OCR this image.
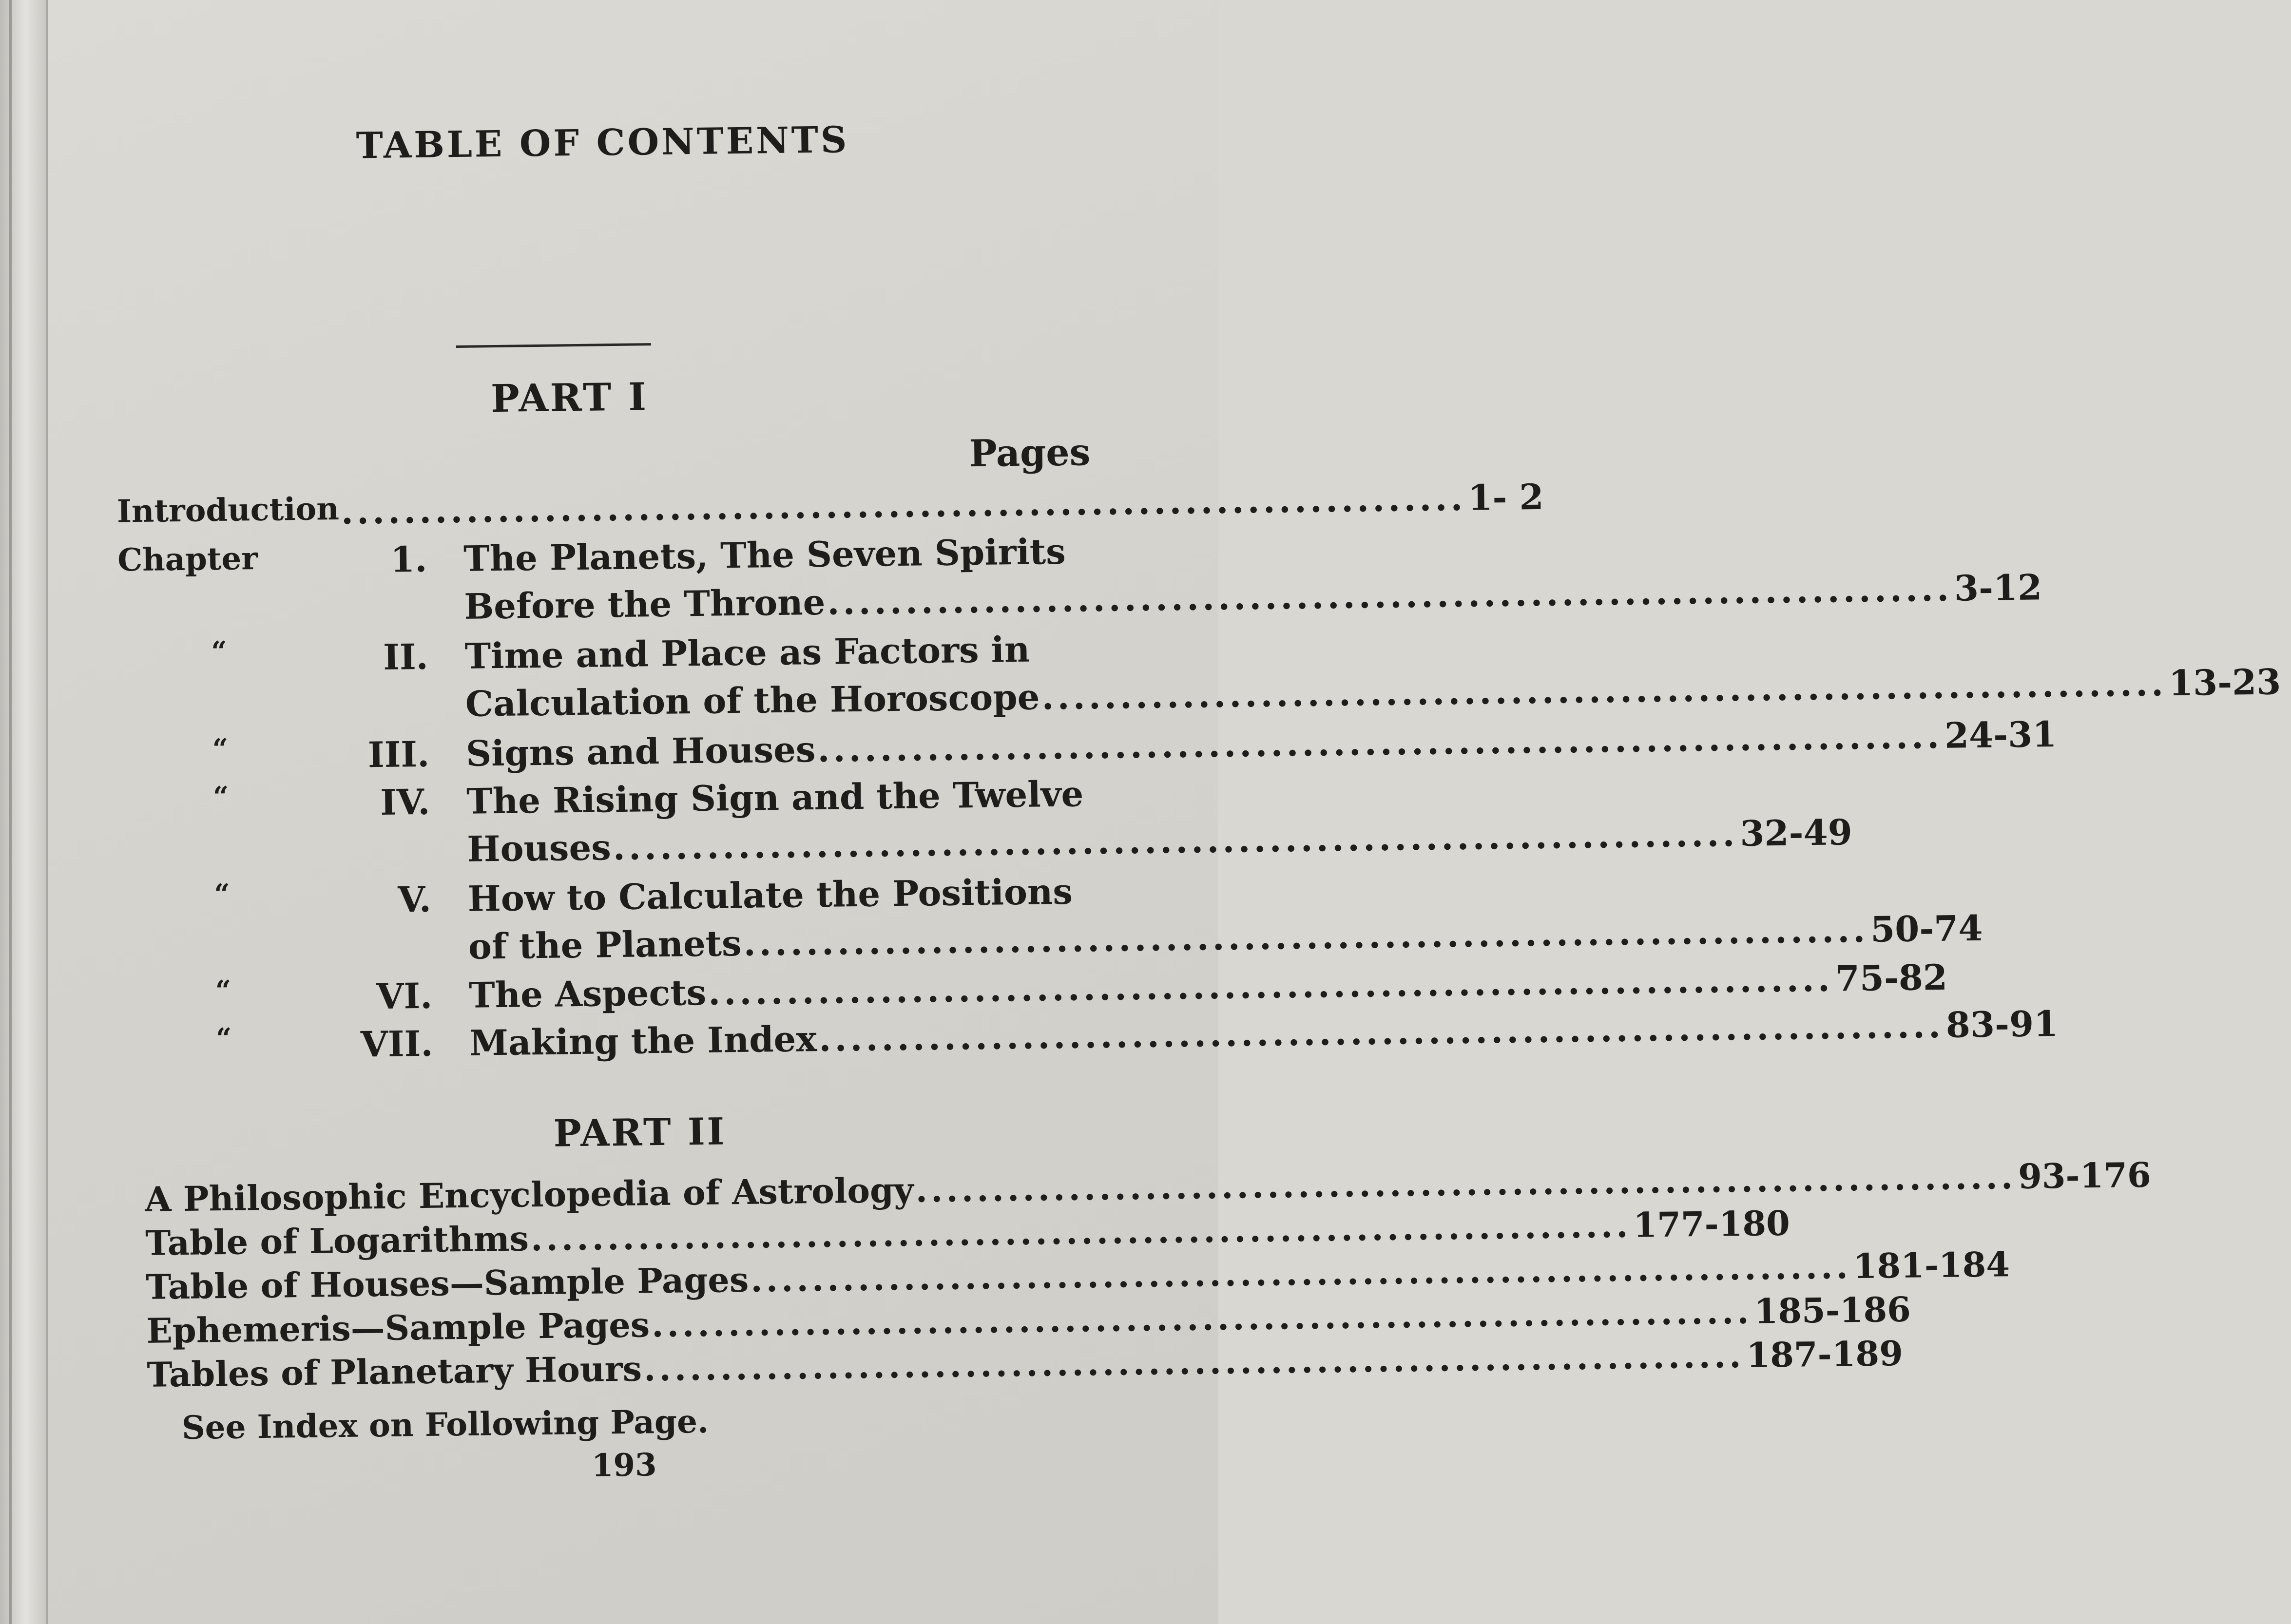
TABLE OF CONTENTS
PART I
Pages
Introduction ........................................................................ 1- 2
Chapter	1. The Planets, The Seven Spirits
Before the Throne ........................................................................ 3-12
“	II. Time and Place as Factors in
Calculation of the Horoscope ........................................................................ 13-23
“	III. Signs and Houses ........................................................................ 24-31
“	IV. The Rising Sign and the Twelve
Houses ........................................................................ 32-49
“	V. How to Calculate the Positions
of the Planets ........................................................................ 50-74
“	VI. The Aspects ........................................................................ 75-82
“	VII. Making the Index ........................................................................ 83-91
PART II
A Philosophic Encyclopedia of Astrology ........................................................................ 93-176
Table of Logarithms ........................................................................ 177-180
Table of Houses—Sample Pages ........................................................................ 181-184
Ephemeris—Sample Pages ........................................................................ 185-186
Tables of Planetary Hours ........................................................................ 187-189
See Index on Following Page.
193
